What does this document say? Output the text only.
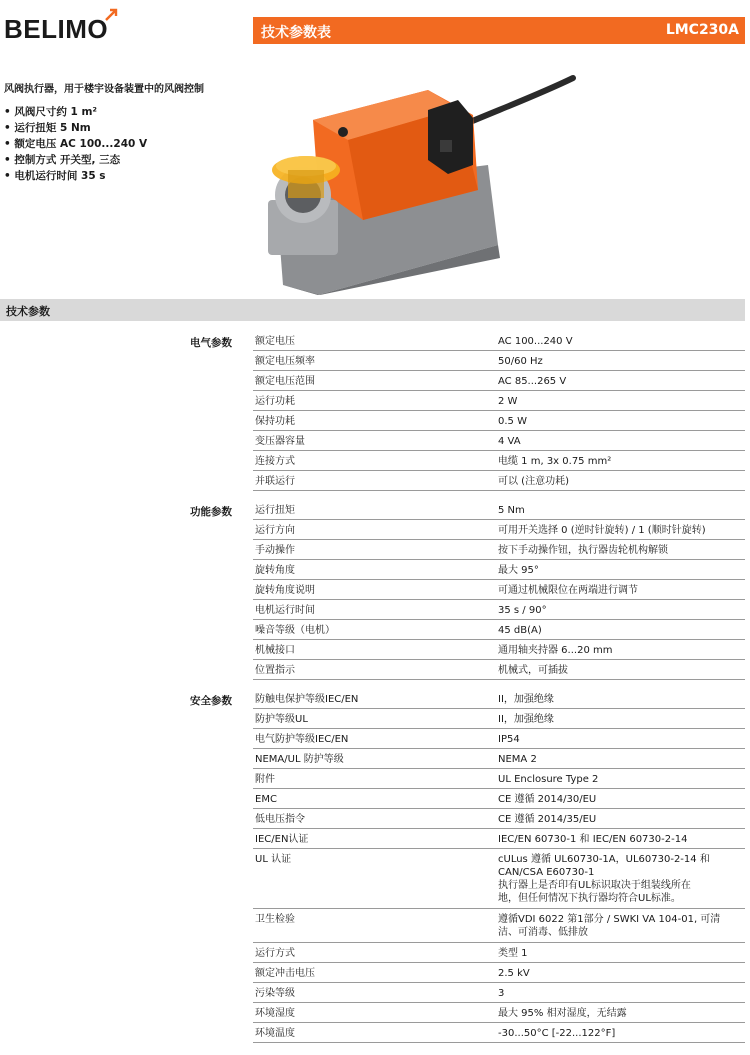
BELIMO	技术参数表	LMC230A
风阀执行器，用于楼宇设备装置中的风阀控制
• 风阀尺寸约 1 m²
• 运行扭矩 5 Nm
• 额定电压 AC 100...240 V
• 控制方式 开关型, 三态
• 电机运行时间 35 s
技术参数
电气参数 额定电压	AC 100...240 V
额定电压频率	50/60 Hz
额定电压范围	AC 85...265 V
运行功耗	2 W
保持功耗	0.5 W
变压器容量	4 VA
连接方式	电缆 1 m, 3x 0.75 mm²
并联运行	可以 (注意功耗)
功能参数 运行扭矩	5 Nm
运行方向	可用开关选择 0 (逆时针旋转) / 1 (顺时针旋转)
手动操作	按下手动操作钮，执行器齿轮机构解锁
旋转角度	最大 95°
旋转角度说明	可通过机械限位在两端进行调节
电机运行时间	35 s / 90°
噪音等级（电机）	45 dB(A)
机械接口	通用轴夹持器 6...20 mm
位置指示	机械式，可插拔
安全参数 防触电保护等级IEC/EN	II，加强绝缘
防护等级UL	II，加强绝缘
电气防护等级IEC/EN	IP54
NEMA/UL 防护等级	NEMA 2
附件	UL Enclosure Type 2
EMC	CE 遵循 2014/30/EU
低电压指令	CE 遵循 2014/35/EU
IEC/EN认证	IEC/EN 60730-1 和 IEC/EN 60730-2-14
UL 认证	cULus 遵循 UL60730-1A，UL60730-2-14 和
CAN/CSA E60730-1
执行器上是否印有UL标识取决于组装线所在
地，但任何情况下执行器均符合UL标准。
卫生检验	遵循VDI 6022 第1部分 / SWKI VA 104-01, 可清
洁、可消毒、低排放
运行方式	类型 1
额定冲击电压	2.5 kV
污染等级	3
环境湿度	最大 95% 相对湿度，无结露
环境温度	-30...50°C [-22...122°F]
